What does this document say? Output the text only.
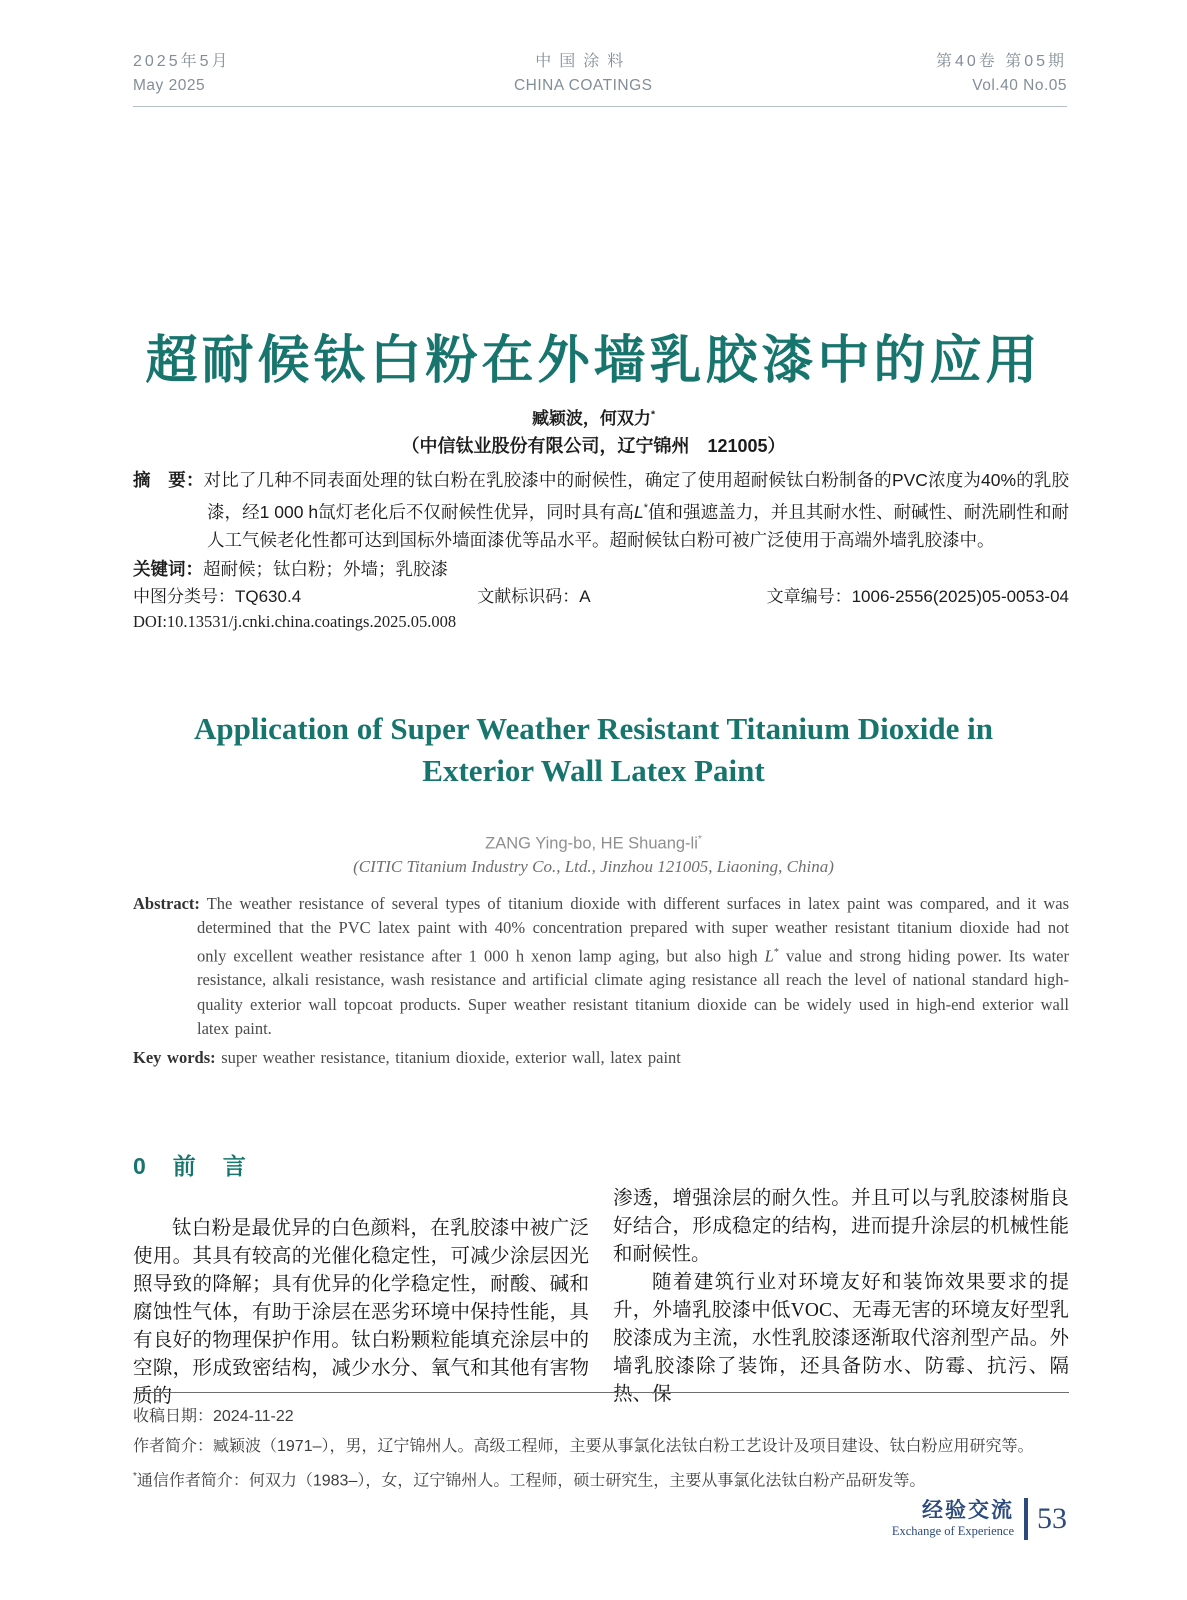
2025年5月
May 2025
中国涂料
CHINA COATINGS
第40卷 第05期
Vol.40 No.05
超耐候钛白粉在外墙乳胶漆中的应用
臧颖波，何双力*
（中信钛业股份有限公司，辽宁锦州　121005）
摘　要：对比了几种不同表面处理的钛白粉在乳胶漆中的耐候性，确定了使用超耐候钛白粉制备的PVC浓度为40%的乳胶漆，经1 000 h氙灯老化后不仅耐候性优异，同时具有高L*值和强遮盖力，并且其耐水性、耐碱性、耐洗刷性和耐人工气候老化性都可达到国标外墙面漆优等品水平。超耐候钛白粉可被广泛使用于高端外墙乳胶漆中。
关键词：超耐候；钛白粉；外墙；乳胶漆
中图分类号：TQ630.4	文献标识码：A	文章编号：1006-2556(2025)05-0053-04
DOI:10.13531/j.cnki.china.coatings.2025.05.008
Application of Super Weather Resistant Titanium Dioxide in
Exterior Wall Latex Paint
ZANG Ying-bo, HE Shuang-li*
(CITIC Titanium Industry Co., Ltd., Jinzhou 121005, Liaoning, China)
Abstract: The weather resistance of several types of titanium dioxide with different surfaces in latex paint was compared, and it was determined that the PVC latex paint with 40% concentration prepared with super weather resistant titanium dioxide had not only excellent weather resistance after 1 000 h xenon lamp aging, but also high L* value and strong hiding power. Its water resistance, alkali resistance, wash resistance and artificial climate aging resistance all reach the level of national standard high-quality exterior wall topcoat products. Super weather resistant titanium dioxide can be widely used in high-end exterior wall latex paint.
Key words: super weather resistance, titanium dioxide, exterior wall, latex paint
0　前　言

钛白粉是最优异的白色颜料，在乳胶漆中被广泛使用。其具有较高的光催化稳定性，可减少涂层因光照导致的降解；具有优异的化学稳定性，耐酸、碱和腐蚀性气体，有助于涂层在恶劣环境中保持性能，具有良好的物理保护作用。钛白粉颗粒能填充涂层中的空隙，形成致密结构，减少水分、氧气和其他有害物质的

渗透，增强涂层的耐久性。并且可以与乳胶漆树脂良好结合，形成稳定的结构，进而提升涂层的机械性能和耐候性。

随着建筑行业对环境友好和装饰效果要求的提升，外墙乳胶漆中低VOC、无毒无害的环境友好型乳胶漆成为主流，水性乳胶漆逐渐取代溶剂型产品。外墙乳胶漆除了装饰，还具备防水、防霉、抗污、隔热、保

收稿日期：2024-11-22
作者简介：臧颖波（1971–），男，辽宁锦州人。高级工程师，主要从事氯化法钛白粉工艺设计及项目建设、钛白粉应用研究等。
*通信作者简介：何双力（1983–），女，辽宁锦州人。工程师，硕士研究生，主要从事氯化法钛白粉产品研发等。
经验交流
Exchange of Experience 53
